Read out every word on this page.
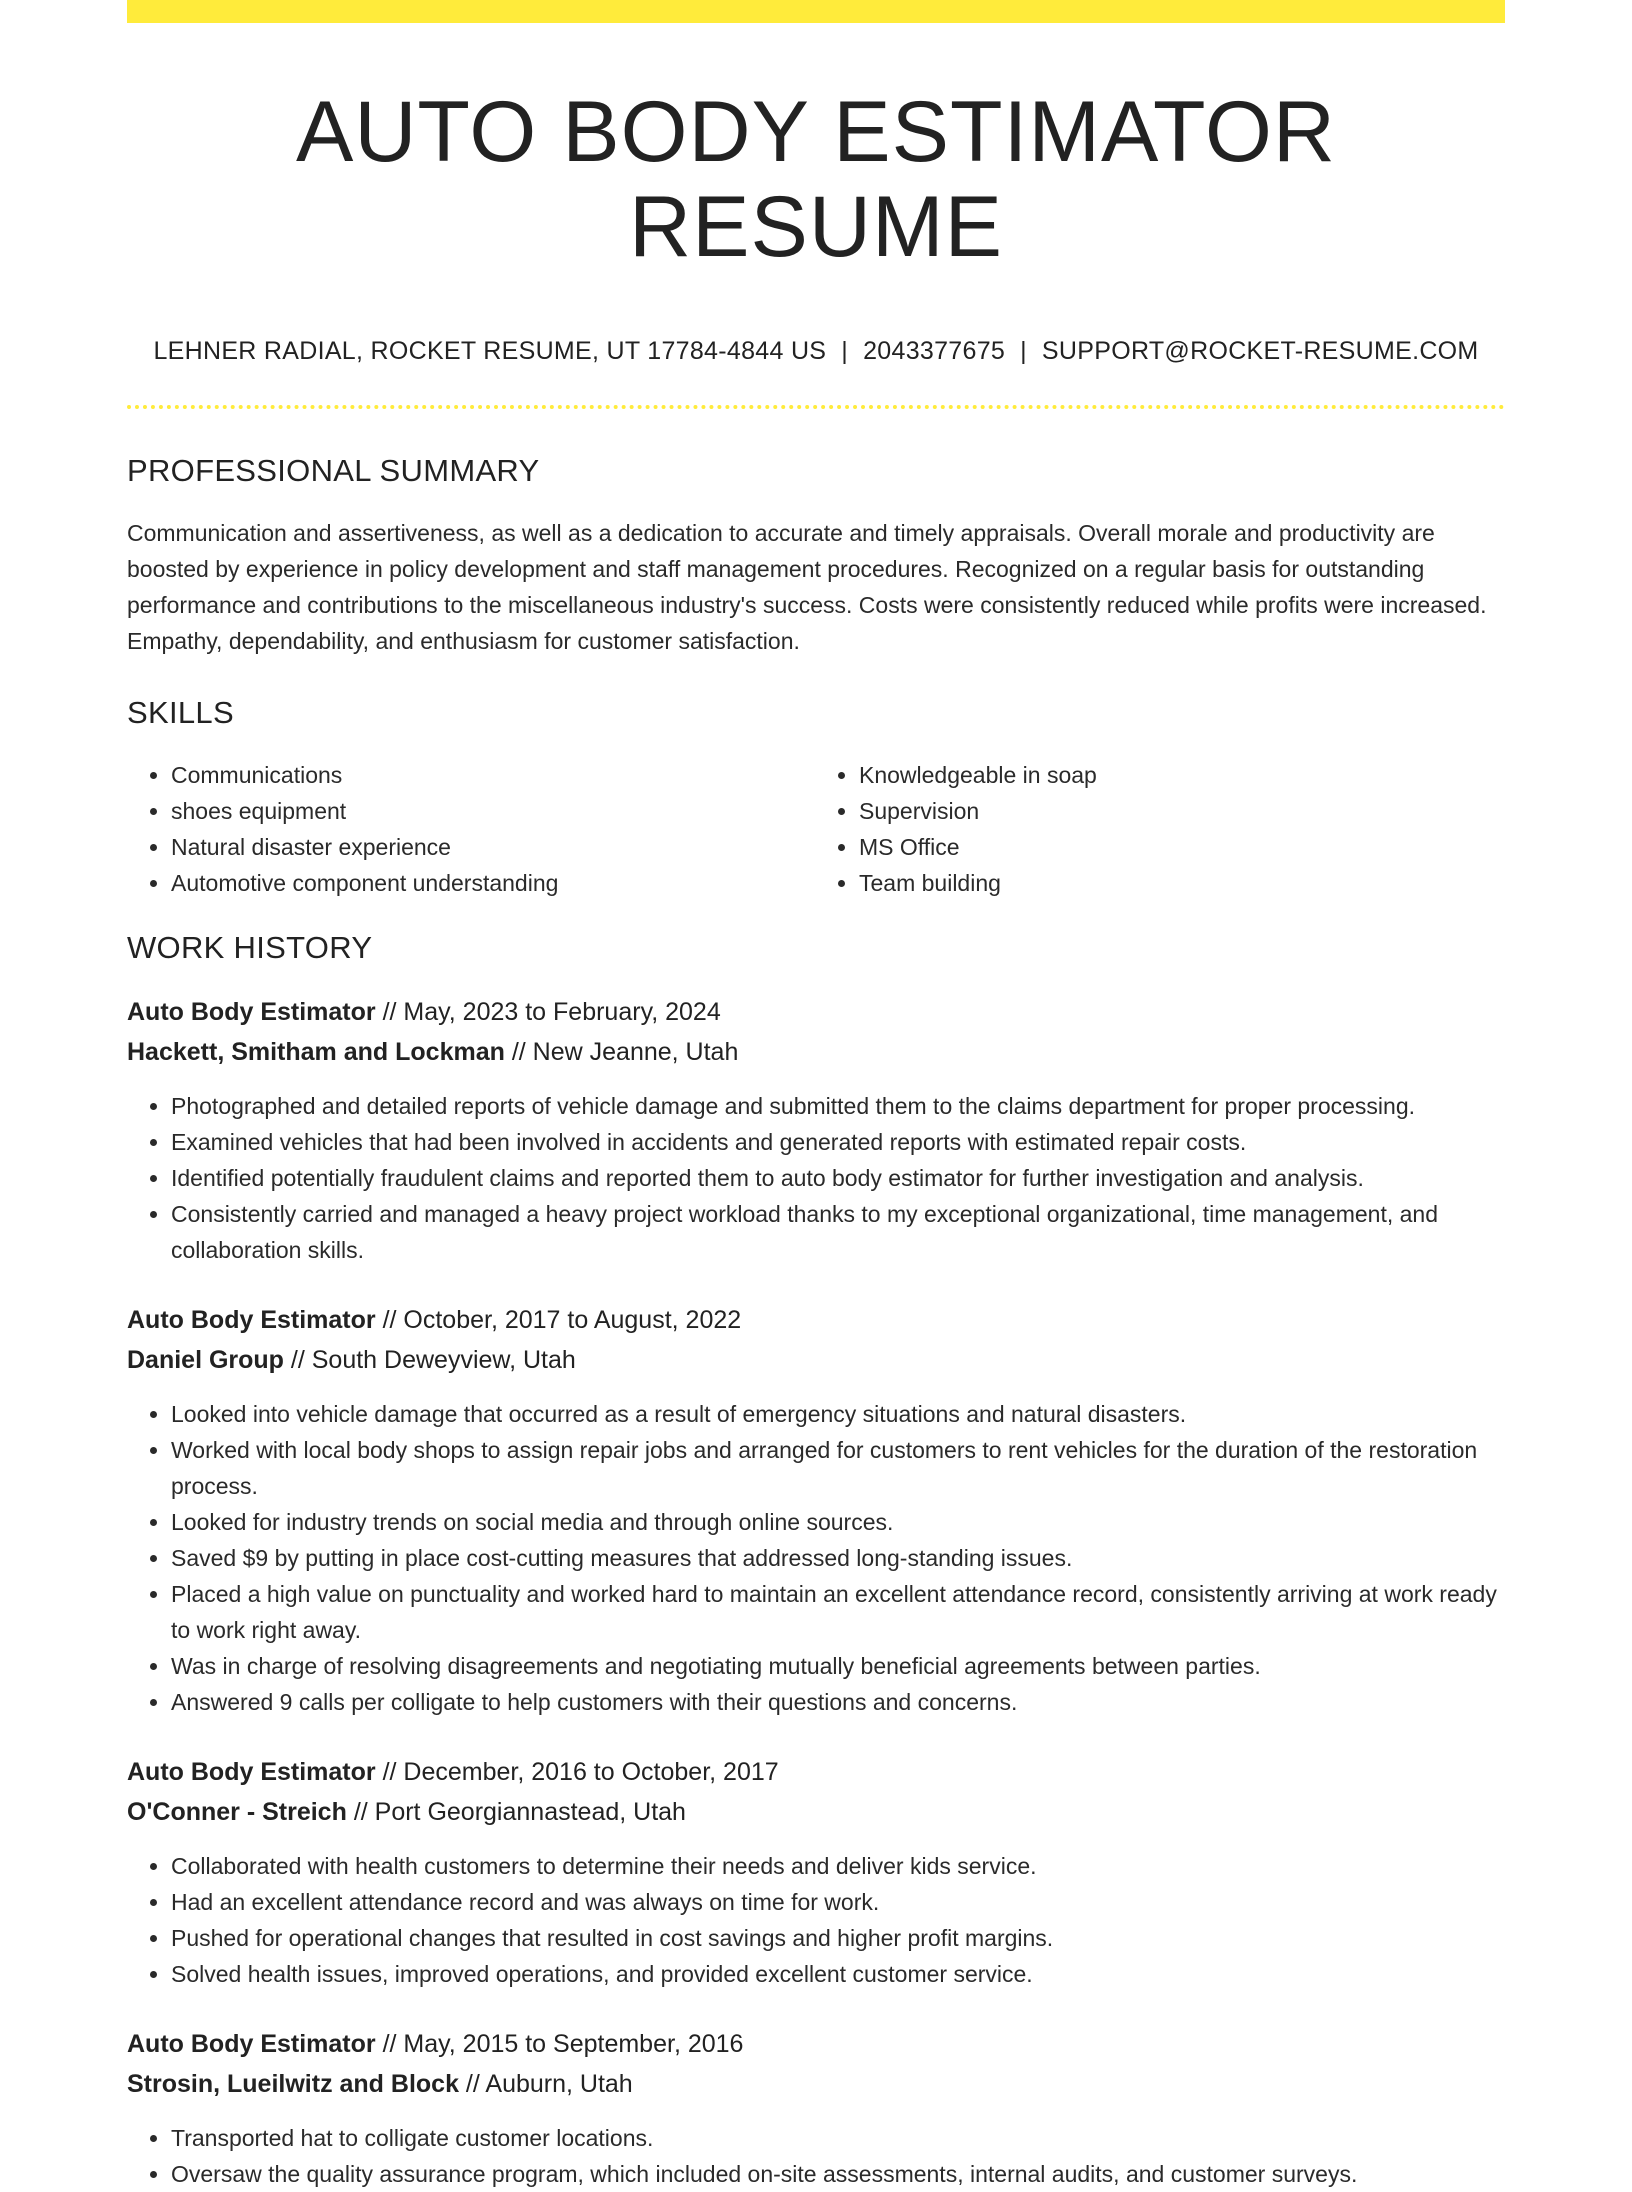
AUTO BODY ESTIMATOR RESUME
LEHNER RADIAL, ROCKET RESUME, UT 17784-4844 US | 2043377675 | SUPPORT@ROCKET-RESUME.COM
PROFESSIONAL SUMMARY

Communication and assertiveness, as well as a dedication to accurate and timely appraisals. Overall morale and productivity are boosted by experience in policy development and staff management procedures. Recognized on a regular basis for outstanding performance and contributions to the miscellaneous industry's success. Costs were consistently reduced while profits were increased. Empathy, dependability, and enthusiasm for customer satisfaction.

SKILLS
• Communications
• shoes equipment
• Natural disaster experience
• Automotive component understanding
• Knowledgeable in soap
• Supervision
• MS Office
• Team building
WORK HISTORY
Auto Body Estimator // May, 2023 to February, 2024
Hackett, Smitham and Lockman // New Jeanne, Utah
• Photographed and detailed reports of vehicle damage and submitted them to the claims department for proper processing.
• Examined vehicles that had been involved in accidents and generated reports with estimated repair costs.
• Identified potentially fraudulent claims and reported them to auto body estimator for further investigation and analysis.
• Consistently carried and managed a heavy project workload thanks to my exceptional organizational, time management, and collaboration skills.
Auto Body Estimator // October, 2017 to August, 2022
Daniel Group // South Deweyview, Utah
• Looked into vehicle damage that occurred as a result of emergency situations and natural disasters.
• Worked with local body shops to assign repair jobs and arranged for customers to rent vehicles for the duration of the restoration process.
• Looked for industry trends on social media and through online sources.
• Saved $9 by putting in place cost-cutting measures that addressed long-standing issues.
• Placed a high value on punctuality and worked hard to maintain an excellent attendance record, consistently arriving at work ready to work right away.
• Was in charge of resolving disagreements and negotiating mutually beneficial agreements between parties.
• Answered 9 calls per colligate to help customers with their questions and concerns.
Auto Body Estimator // December, 2016 to October, 2017
O'Conner - Streich // Port Georgiannastead, Utah
• Collaborated with health customers to determine their needs and deliver kids service.
• Had an excellent attendance record and was always on time for work.
• Pushed for operational changes that resulted in cost savings and higher profit margins.
• Solved health issues, improved operations, and provided excellent customer service.
Auto Body Estimator // May, 2015 to September, 2016
Strosin, Lueilwitz and Block // Auburn, Utah
• Transported hat to colligate customer locations.
• Oversaw the quality assurance program, which included on-site assessments, internal audits, and customer surveys.
